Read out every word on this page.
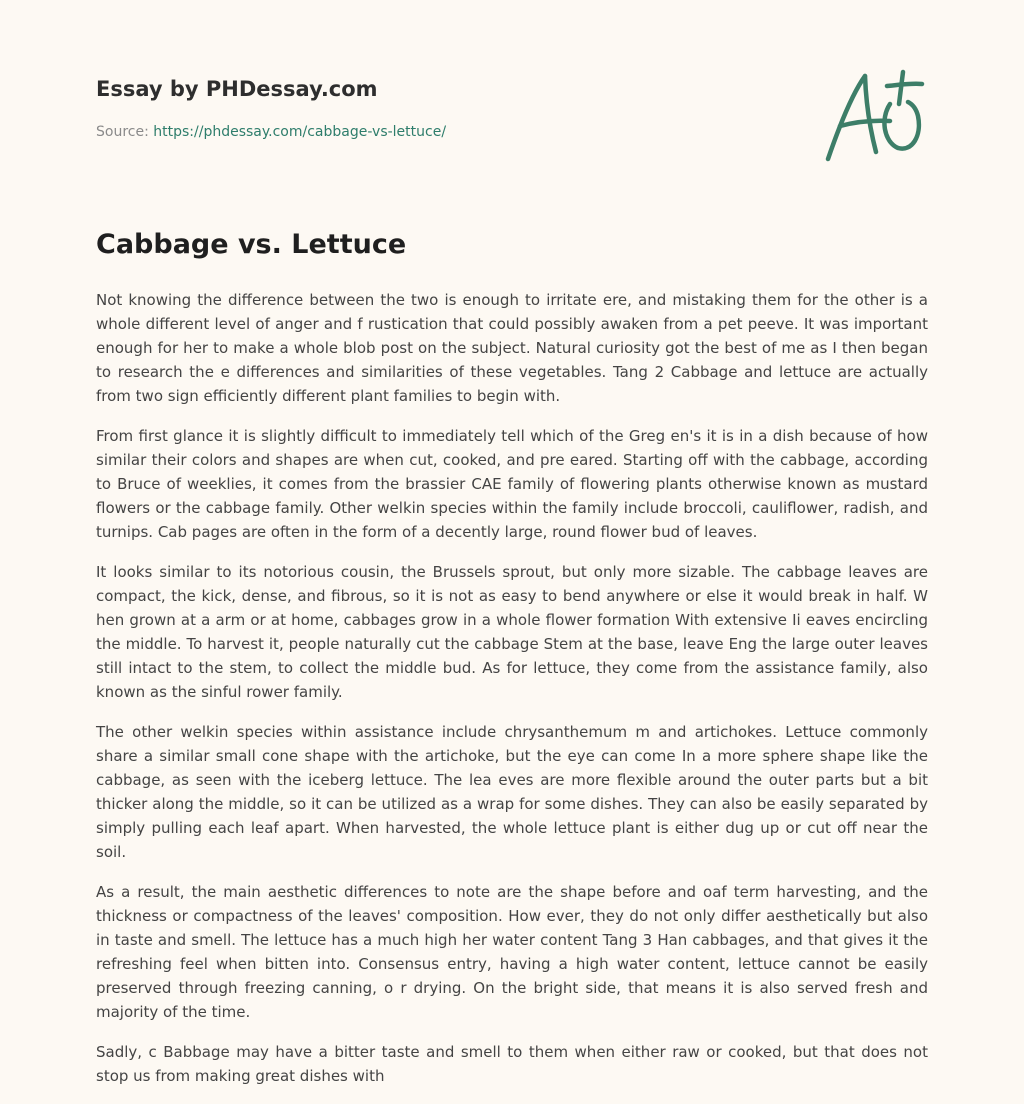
Essay by PHDessay.com
Source: https://phdessay.com/cabbage-vs-lettuce/
Cabbage vs. Lettuce

Not knowing the difference between the two is enough to irritate ere, and mistaking them for the other is a whole different level of anger and f rustication that could possibly awaken from a pet peeve. It was important enough for her to make a whole blob post on the subject. Natural curiosity got the best of me as I then began to research the e differences and similarities of these vegetables. Tang 2 Cabbage and lettuce are actually from two sign efficiently different plant families to begin with.

From first glance it is slightly difficult to immediately tell which of the Greg en's it is in a dish because of how similar their colors and shapes are when cut, cooked, and pre eared. Starting off with the cabbage, according to Bruce of weeklies, it comes from the brassier CAE family of flowering plants otherwise known as mustard flowers or the cabbage family. Other welkin species within the family include broccoli, cauliflower, radish, and turnips. Cab pages are often in the form of a decently large, round flower bud of leaves.

It looks similar to its notorious cousin, the Brussels sprout, but only more sizable. The cabbage leaves are compact, the kick, dense, and fibrous, so it is not as easy to bend anywhere or else it would break in half. W hen grown at a arm or at home, cabbages grow in a whole flower formation With extensive Ii eaves encircling the middle. To harvest it, people naturally cut the cabbage Stem at the base, leave Eng the large outer leaves still intact to the stem, to collect the middle bud. As for lettuce, they come from the assistance family, also known as the sinful rower family.

The other welkin species within assistance include chrysanthemum m and artichokes. Lettuce commonly share a similar small cone shape with the artichoke, but the eye can come In a more sphere shape like the cabbage, as seen with the iceberg lettuce. The lea eves are more flexible around the outer parts but a bit thicker along the middle, so it can be utilized as a wrap for some dishes. They can also be easily separated by simply pulling each leaf apart. When harvested, the whole lettuce plant is either dug up or cut off near the soil.

As a result, the main aesthetic differences to note are the shape before and oaf term harvesting, and the thickness or compactness of the leaves' composition. How ever, they do not only differ aesthetically but also in taste and smell. The lettuce has a much high her water content Tang 3 Han cabbages, and that gives it the refreshing feel when bitten into. Consensus entry, having a high water content, lettuce cannot be easily preserved through freezing canning, o r drying. On the bright side, that means it is also served fresh and majority of the time.

Sadly, c Babbage may have a bitter taste and smell to them when either raw or cooked, but that does not stop us from making great dishes with
